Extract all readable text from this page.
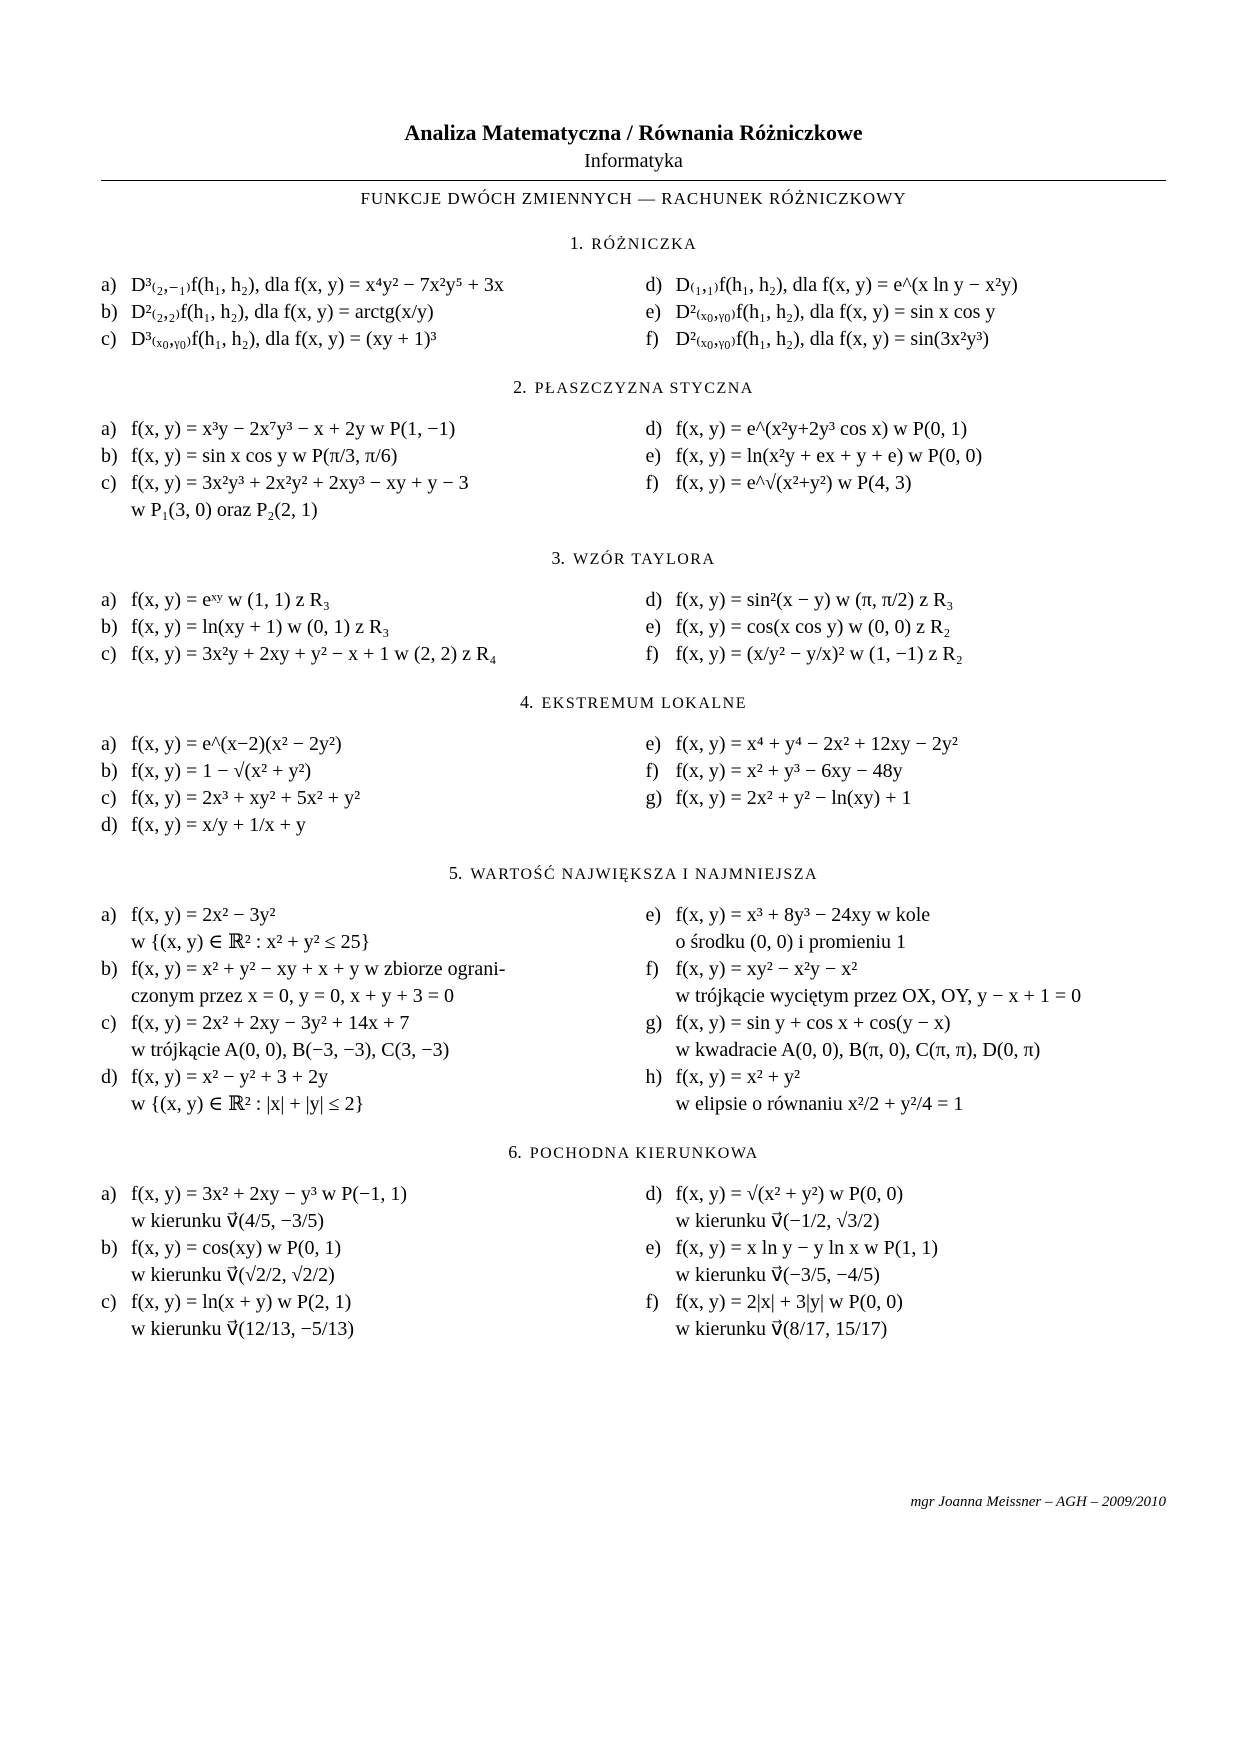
Analiza Matematyczna / Równania Różniczkowe
Informatyka
FUNKCJE DWÓCH ZMIENNYCH — RACHUNEK RÓŻNICZKOWY
1. RÓŻNICZKA
a) D³₍₂,₋₁₎f(h₁, h₂), dla f(x, y) = x⁴y² − 7x²y⁵ + 3x
b) D²₍₂,₂₎f(h₁, h₂), dla f(x, y) = arctg(x/y)
c) D³₍ₓ₀,ᵧ₀₎f(h₁, h₂), dla f(x, y) = (xy + 1)³
d) D₍₁,₁₎f(h₁, h₂), dla f(x, y) = e^(x ln y − x²y)
e) D²₍ₓ₀,ᵧ₀₎f(h₁, h₂), dla f(x, y) = sin x cos y
f) D²₍ₓ₀,ᵧ₀₎f(h₁, h₂), dla f(x, y) = sin(3x²y³)
2. PŁASZCZYZNA STYCZNA
a) f(x, y) = x³y − 2x⁷y³ − x + 2y w P(1, −1)
b) f(x, y) = sin x cos y w P(π/3, π/6)
c) f(x, y) = 3x²y³ + 2x²y² + 2xy³ − xy + y − 3
w P₁(3, 0) oraz P₂(2, 1)
d) f(x, y) = e^(x²y+2y³ cos x) w P(0, 1)
e) f(x, y) = ln(x²y + ex + y + e) w P(0, 0)
f) f(x, y) = e^√(x²+y²) w P(4, 3)
3. WZÓR TAYLORA
a) f(x, y) = eˣʸ w (1, 1) z R₃
b) f(x, y) = ln(xy + 1) w (0, 1) z R₃
c) f(x, y) = 3x²y + 2xy + y² − x + 1 w (2, 2) z R₄
d) f(x, y) = sin²(x − y) w (π, π/2) z R₃
e) f(x, y) = cos(x cos y) w (0, 0) z R₂
f) f(x, y) = (x/y² − y/x)² w (1, −1) z R₂
4. EKSTREMUM LOKALNE
a) f(x, y) = e^(x−2)(x² − 2y²)
b) f(x, y) = 1 − √(x² + y²)
c) f(x, y) = 2x³ + xy² + 5x² + y²
d) f(x, y) = x/y + 1/x + y
e) f(x, y) = x⁴ + y⁴ − 2x² + 12xy − 2y²
f) f(x, y) = x² + y³ − 6xy − 48y
g) f(x, y) = 2x² + y² − ln(xy) + 1
5. WARTOŚĆ NAJWIĘKSZA I NAJMNIEJSZA
a) f(x, y) = 2x² − 3y²
w {(x, y) ∈ ℝ² : x² + y² ≤ 25}
b) f(x, y) = x² + y² − xy + x + y w zbiorze ograni-
czonym przez x = 0, y = 0, x + y + 3 = 0
c) f(x, y) = 2x² + 2xy − 3y² + 14x + 7
w trójkącie A(0, 0), B(−3, −3), C(3, −3)
d) f(x, y) = x² − y² + 3 + 2y
w {(x, y) ∈ ℝ² : |x| + |y| ≤ 2}
e) f(x, y) = x³ + 8y³ − 24xy w kole
o środku (0, 0) i promieniu 1
f) f(x, y) = xy² − x²y − x²
w trójkącie wyciętym przez OX, OY, y − x + 1 = 0
g) f(x, y) = sin y + cos x + cos(y − x)
w kwadracie A(0, 0), B(π, 0), C(π, π), D(0, π)
h) f(x, y) = x² + y²
w elipsie o równaniu x²/2 + y²/4 = 1
6. POCHODNA KIERUNKOWA
a) f(x, y) = 3x² + 2xy − y³ w P(−1, 1)
w kierunku v⃗(4/5, −3/5)
b) f(x, y) = cos(xy) w P(0, 1)
w kierunku v⃗(√2/2, √2/2)
c) f(x, y) = ln(x + y) w P(2, 1)
w kierunku v⃗(12/13, −5/13)
d) f(x, y) = √(x² + y²) w P(0, 0)
w kierunku v⃗(−1/2, √3/2)
e) f(x, y) = x ln y − y ln x w P(1, 1)
w kierunku v⃗(−3/5, −4/5)
f) f(x, y) = 2|x| + 3|y| w P(0, 0)
w kierunku v⃗(8/17, 15/17)
mgr Joanna Meissner – AGH – 2009/2010
